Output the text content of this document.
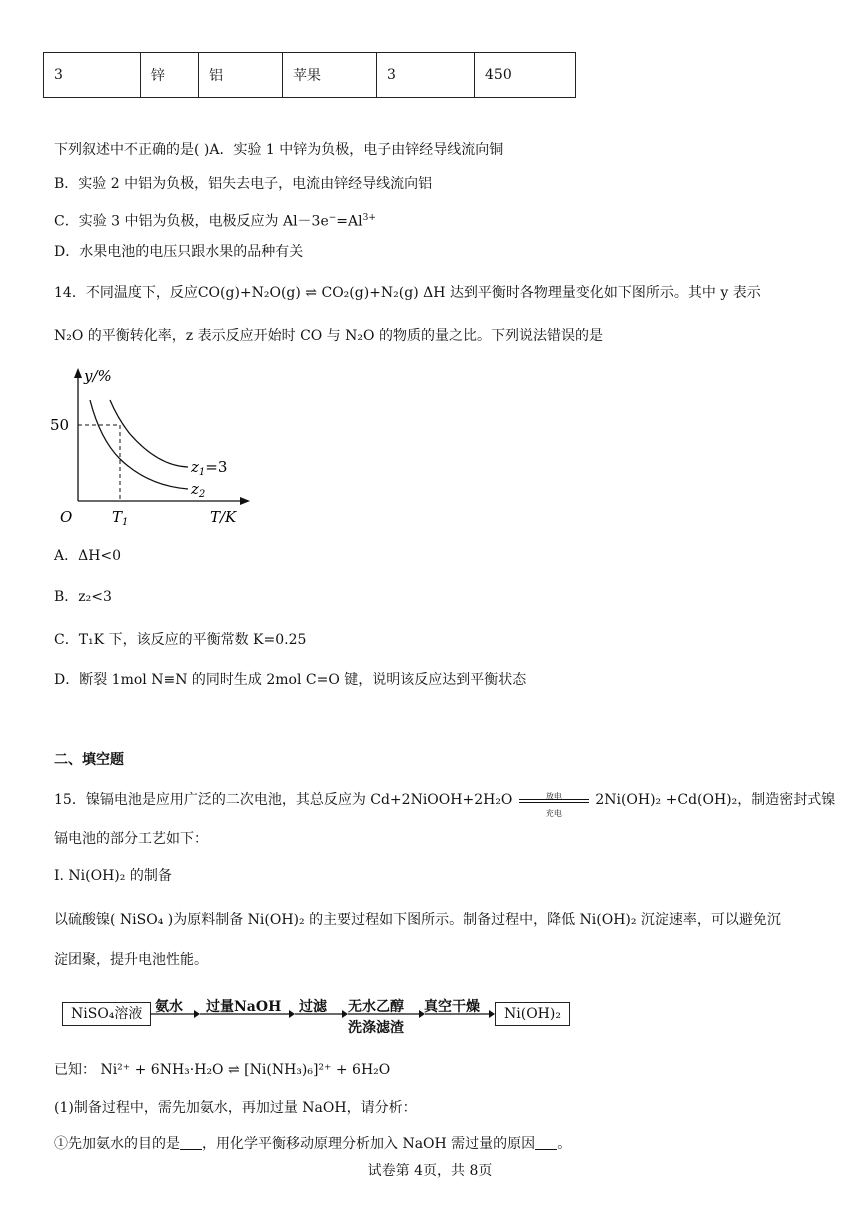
3	锌	铝	苹果	3	450
下列叙述中不正确的是( )A．实验 1 中锌为负极，电子由锌经导线流向铜
B．实验 2 中铝为负极，铝失去电子，电流由锌经导线流向铝
C．实验 3 中铝为负极，电极反应为 $Al-3e^-=Al^{3+}$
D．水果电池的电压只跟水果的品种有关
14．不同温度下，反应CO(g)+N₂O(g) ⇌ CO₂(g)+N₂(g) ΔH 达到平衡时各物理量变化如下图所示。其中 y 表示
N₂O 的平衡转化率，z 表示反应开始时 CO 与 N₂O 的物质的量之比。下列说法错误的是
y/%
50
O	$T_1$	T/K
$z_1=3$
$z_2$
A．ΔH<0
B．z₂<3
C．T₁K 下，该反应的平衡常数 K=0.25
D．断裂 1mol N≡N 的同时生成 2mol C=O 键，说明该反应达到平衡状态
二、填空题
15．镍镉电池是应用广泛的二次电池，其总反应为 Cd+2NiOOH+2H₂O	放电
充电
2Ni(OH)₂ +Cd(OH)₂，制造密封式镍
镉电池的部分工艺如下：
I. Ni(OH)₂ 的制备
以硫酸镍( NiSO₄ )为原料制备 Ni(OH)₂ 的主要过程如下图所示。制备过程中，降低 Ni(OH)₂ 沉淀速率，可以避免沉
淀团聚，提升电池性能。
NiSO₄溶液 氨水 过量NaOH 过滤 无水乙醇
洗涤滤渣
真空干燥	Ni(OH)₂
已知： Ni²⁺ + 6NH₃·H₂O ⇌ [Ni(NH₃)₆]²⁺ + 6H₂O
(1)制备过程中，需先加氨水，再加过量 NaOH，请分析：
①先加氨水的目的是 ，用化学平衡移动原理分析加入 NaOH 需过量的原因 。
试卷第 4页，共 8页
